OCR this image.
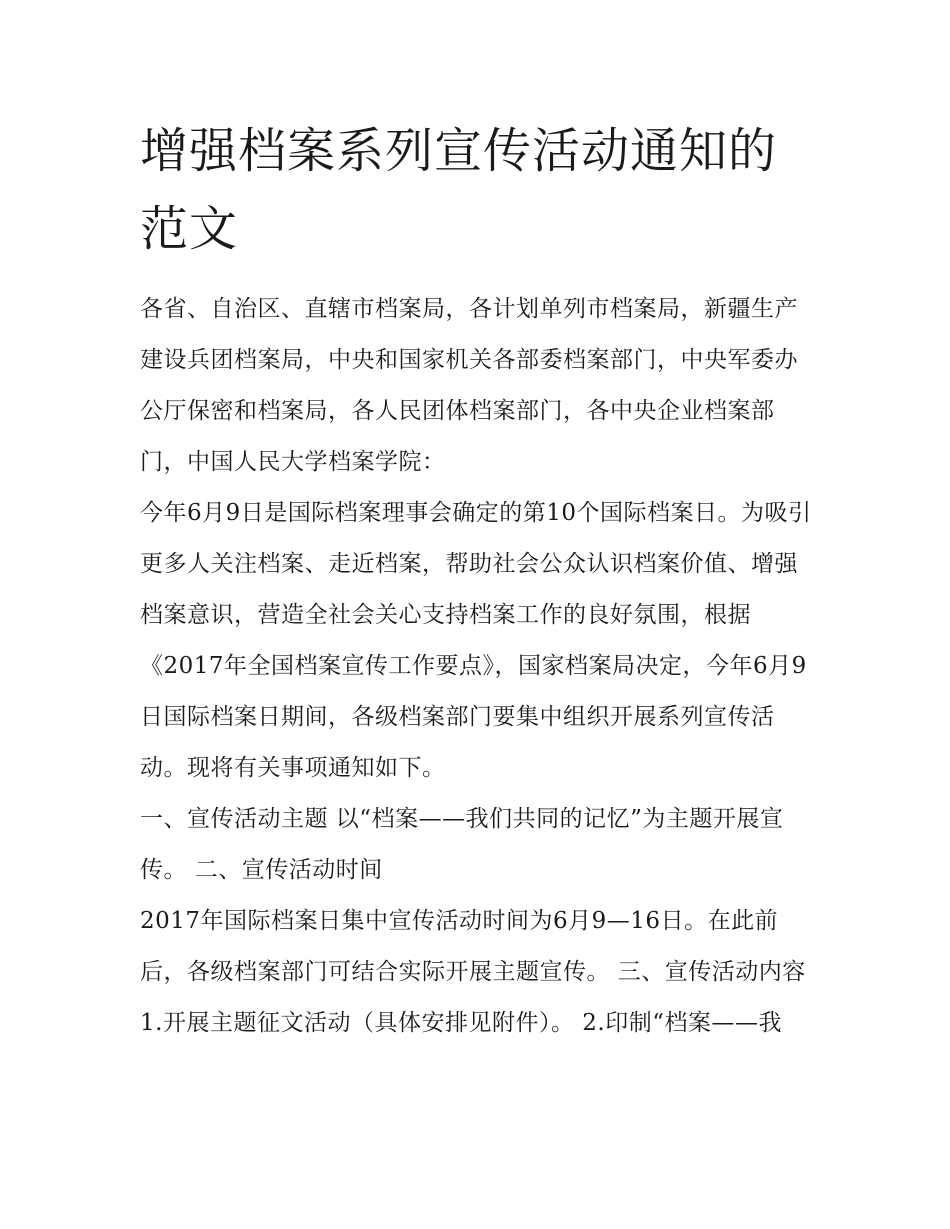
增强档案系列宣传活动通知的范文

各省、自治区、直辖市档案局，各计划单列市档案局，新疆生产建设兵团档案局，中央和国家机关各部委档案部门，中央军委办公厅保密和档案局，各人民团体档案部门，各中央企业档案部门，中国人民大学档案学院：

今年6月9日是国际档案理事会确定的第10个国际档案日。为吸引更多人关注档案、走近档案，帮助社会公众认识档案价值、增强档案意识，营造全社会关心支持档案工作的良好氛围，根据《2017年全国档案宣传工作要点》，国家档案局决定，今年6月9日国际档案日期间，各级档案部门要集中组织开展系列宣传活动。现将有关事项通知如下。

一、宣传活动主题 以“档案——我们共同的记忆”为主题开展宣传。 二、宣传活动时间

2017年国际档案日集中宣传活动时间为6月9—16日。在此前后，各级档案部门可结合实际开展主题宣传。 三、宣传活动内容

1.开展主题征文活动（具体安排见附件）。 2.印制“档案——我
